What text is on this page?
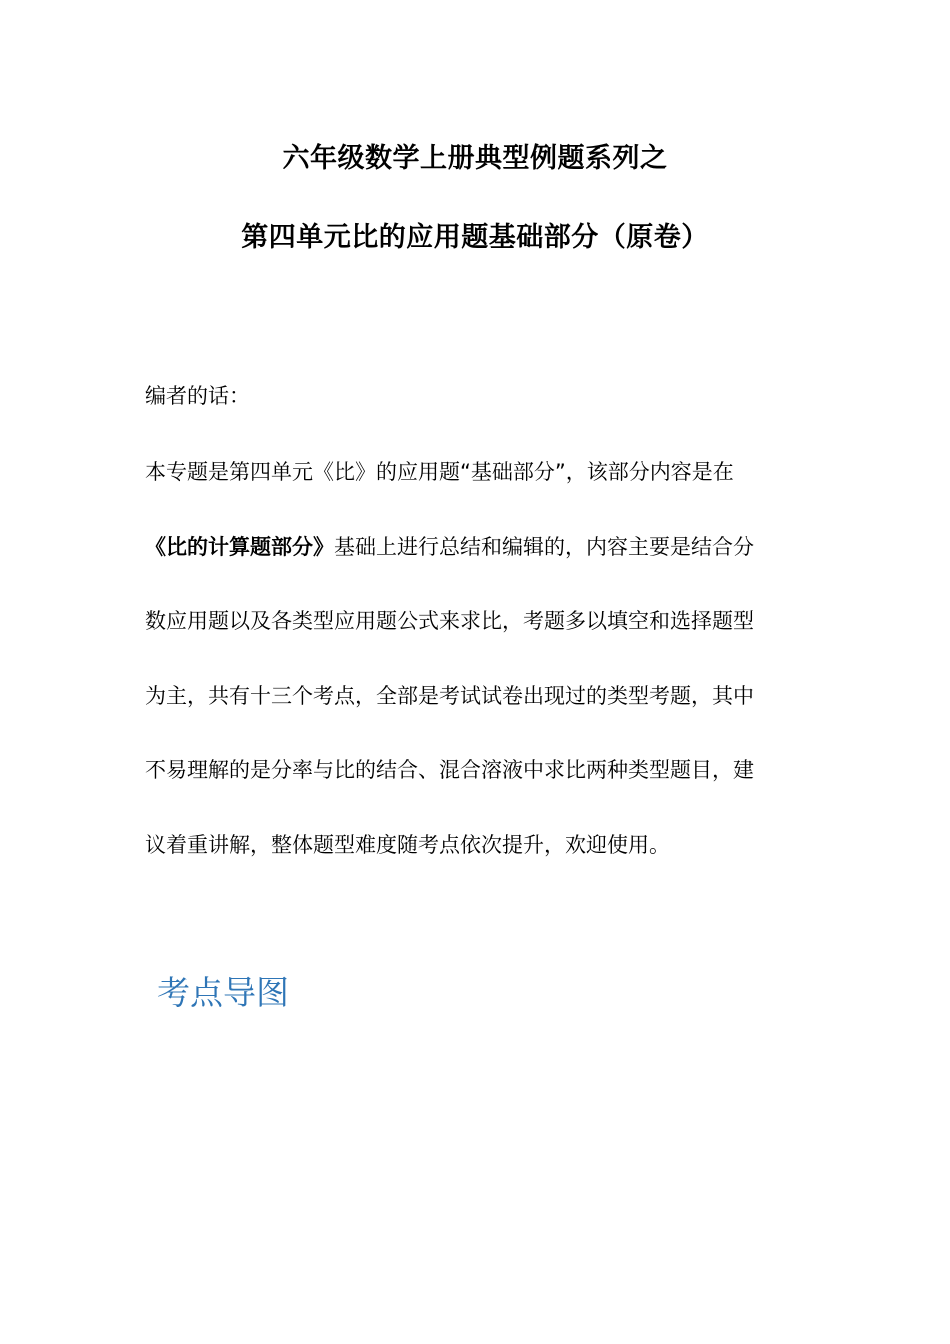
六年级数学上册典型例题系列之
第四单元比的应用题基础部分（原卷）
编者的话：
本专题是第四单元《比》的应用题“基础部分”，该部分内容是在
《比的计算题部分》基础上进行总结和编辑的，内容主要是结合分
数应用题以及各类型应用题公式来求比，考题多以填空和选择题型
为主，共有十三个考点，全部是考试试卷出现过的类型考题，其中
不易理解的是分率与比的结合、混合溶液中求比两种类型题目，建
议着重讲解，整体题型难度随考点依次提升，欢迎使用。
考点导图
